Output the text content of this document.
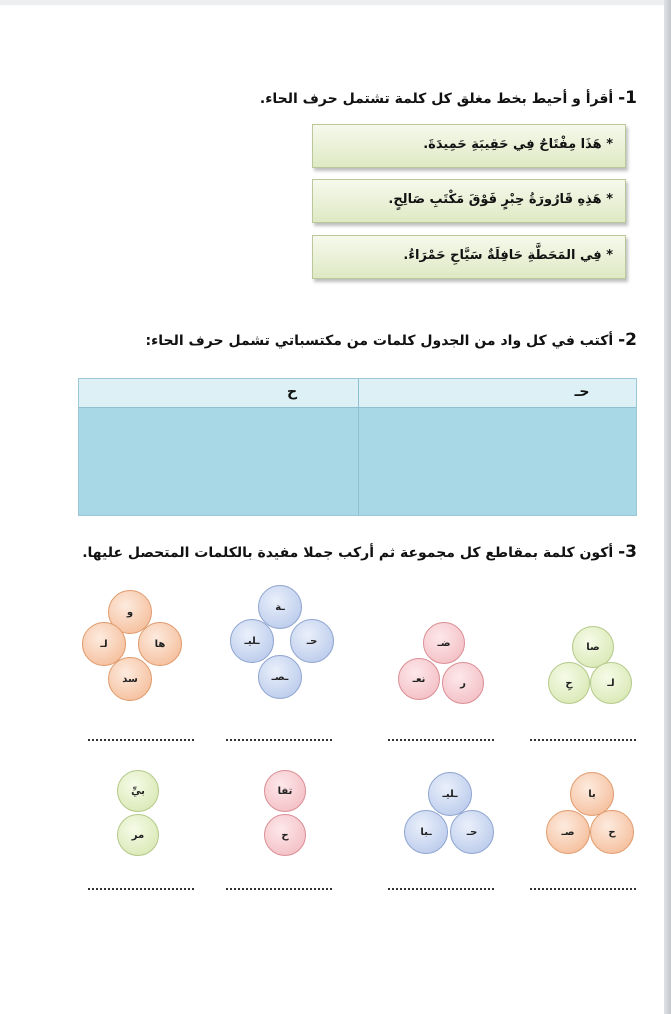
1- أقرأ و أحيط بخط مغلق كل كلمة تشتمل حرف الحاء.
* هَذَا مِفْتَاحٌ فِي حَقِيبَةِ حَمِيدَةَ.
* هَذِهِ قَارُورَةُ حِبْرٍ فَوْقَ مَكْتَبِ صَالِحٍ.
* فِي المَحَطَّةِ حَافِلَةٌ سَيَّاحِ حَمْرَاءُ.
2- أكتب في كل واد من الجدول كلمات من مكتسباتي تشمل حرف الحاء:
حـ
ح
3- أكون كلمة بمقاطع كل مجموعة ثم أركب جملا مفيدة بالكلمات المتحصل عليها.
صا
حِ	لـ
ضـ
نعـ	ر
ـة
حـ
ـليـ
ـصـ
و
ها
لـ
سد
با
ح
صـ
ـليـ
حـ
ـبا
تفا
ح
بيِّ
مر
